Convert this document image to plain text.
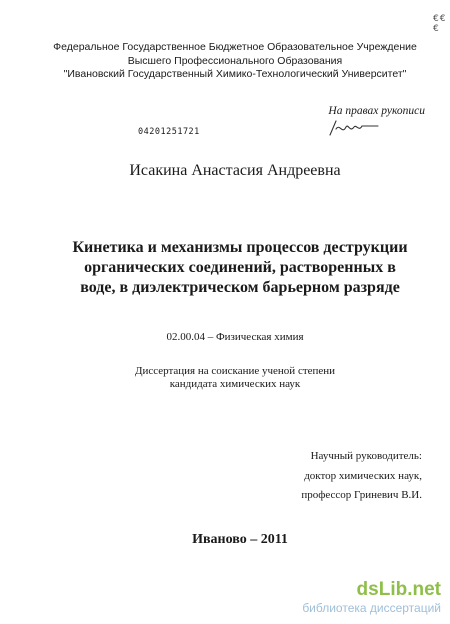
€€€
Федеральное Государственное Бюджетное Образовательное Учреждение
Высшего Профессионального Образования
"Ивановский Государственный Химико-Технологический Университет"
На правах рукописи
04201251721
Исакина Анастасия Андреевна
Кинетика и механизмы процессов деструкции
органических соединений, растворенных в
воде, в диэлектрическом барьерном разряде
02.00.04 – Физическая химия
Диссертация на соискание ученой степени
кандидата химических наук
Научный руководитель:
доктор химических наук,
профессор Гриневич В.И.
Иваново – 2011
dsLib.net
библиотека диссертаций
